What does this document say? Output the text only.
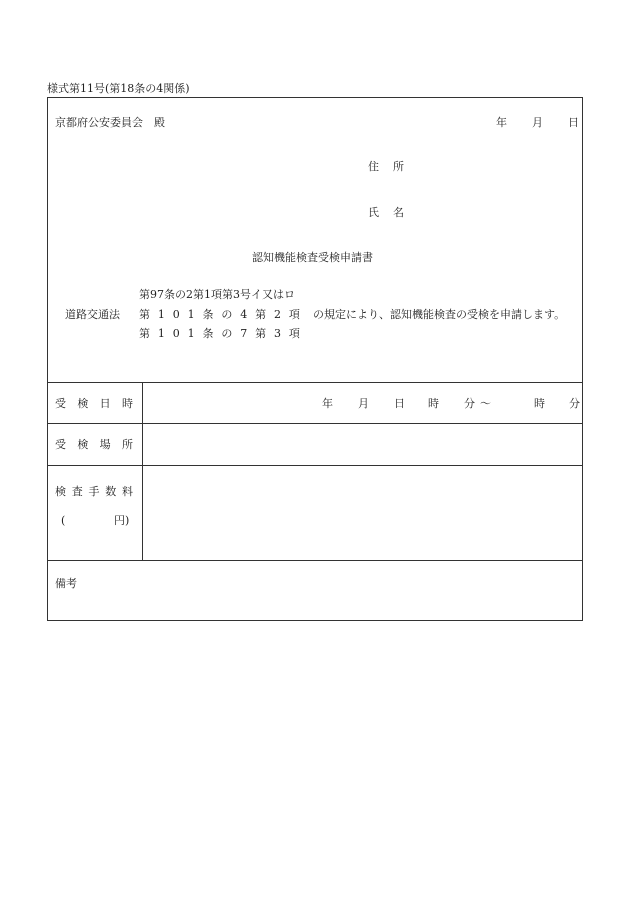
様式第11号(第18条の4関係)
京都府公安委員会　殿	年 月 日
住 所
氏 名
認知機能検査受検申請書
第97条の2第1項第3号イ又はロ
道路交通法 第 1 0 1 条 の 4 第 2 項 の規定により、認知機能検査の受検を申請します。
第 1 0 1 条 の 7 第 3 項
受 検 日 時	年 月 日 時 分 ～	時 分
受 検 場 所
検 査 手 数 料
(	円)
備考
